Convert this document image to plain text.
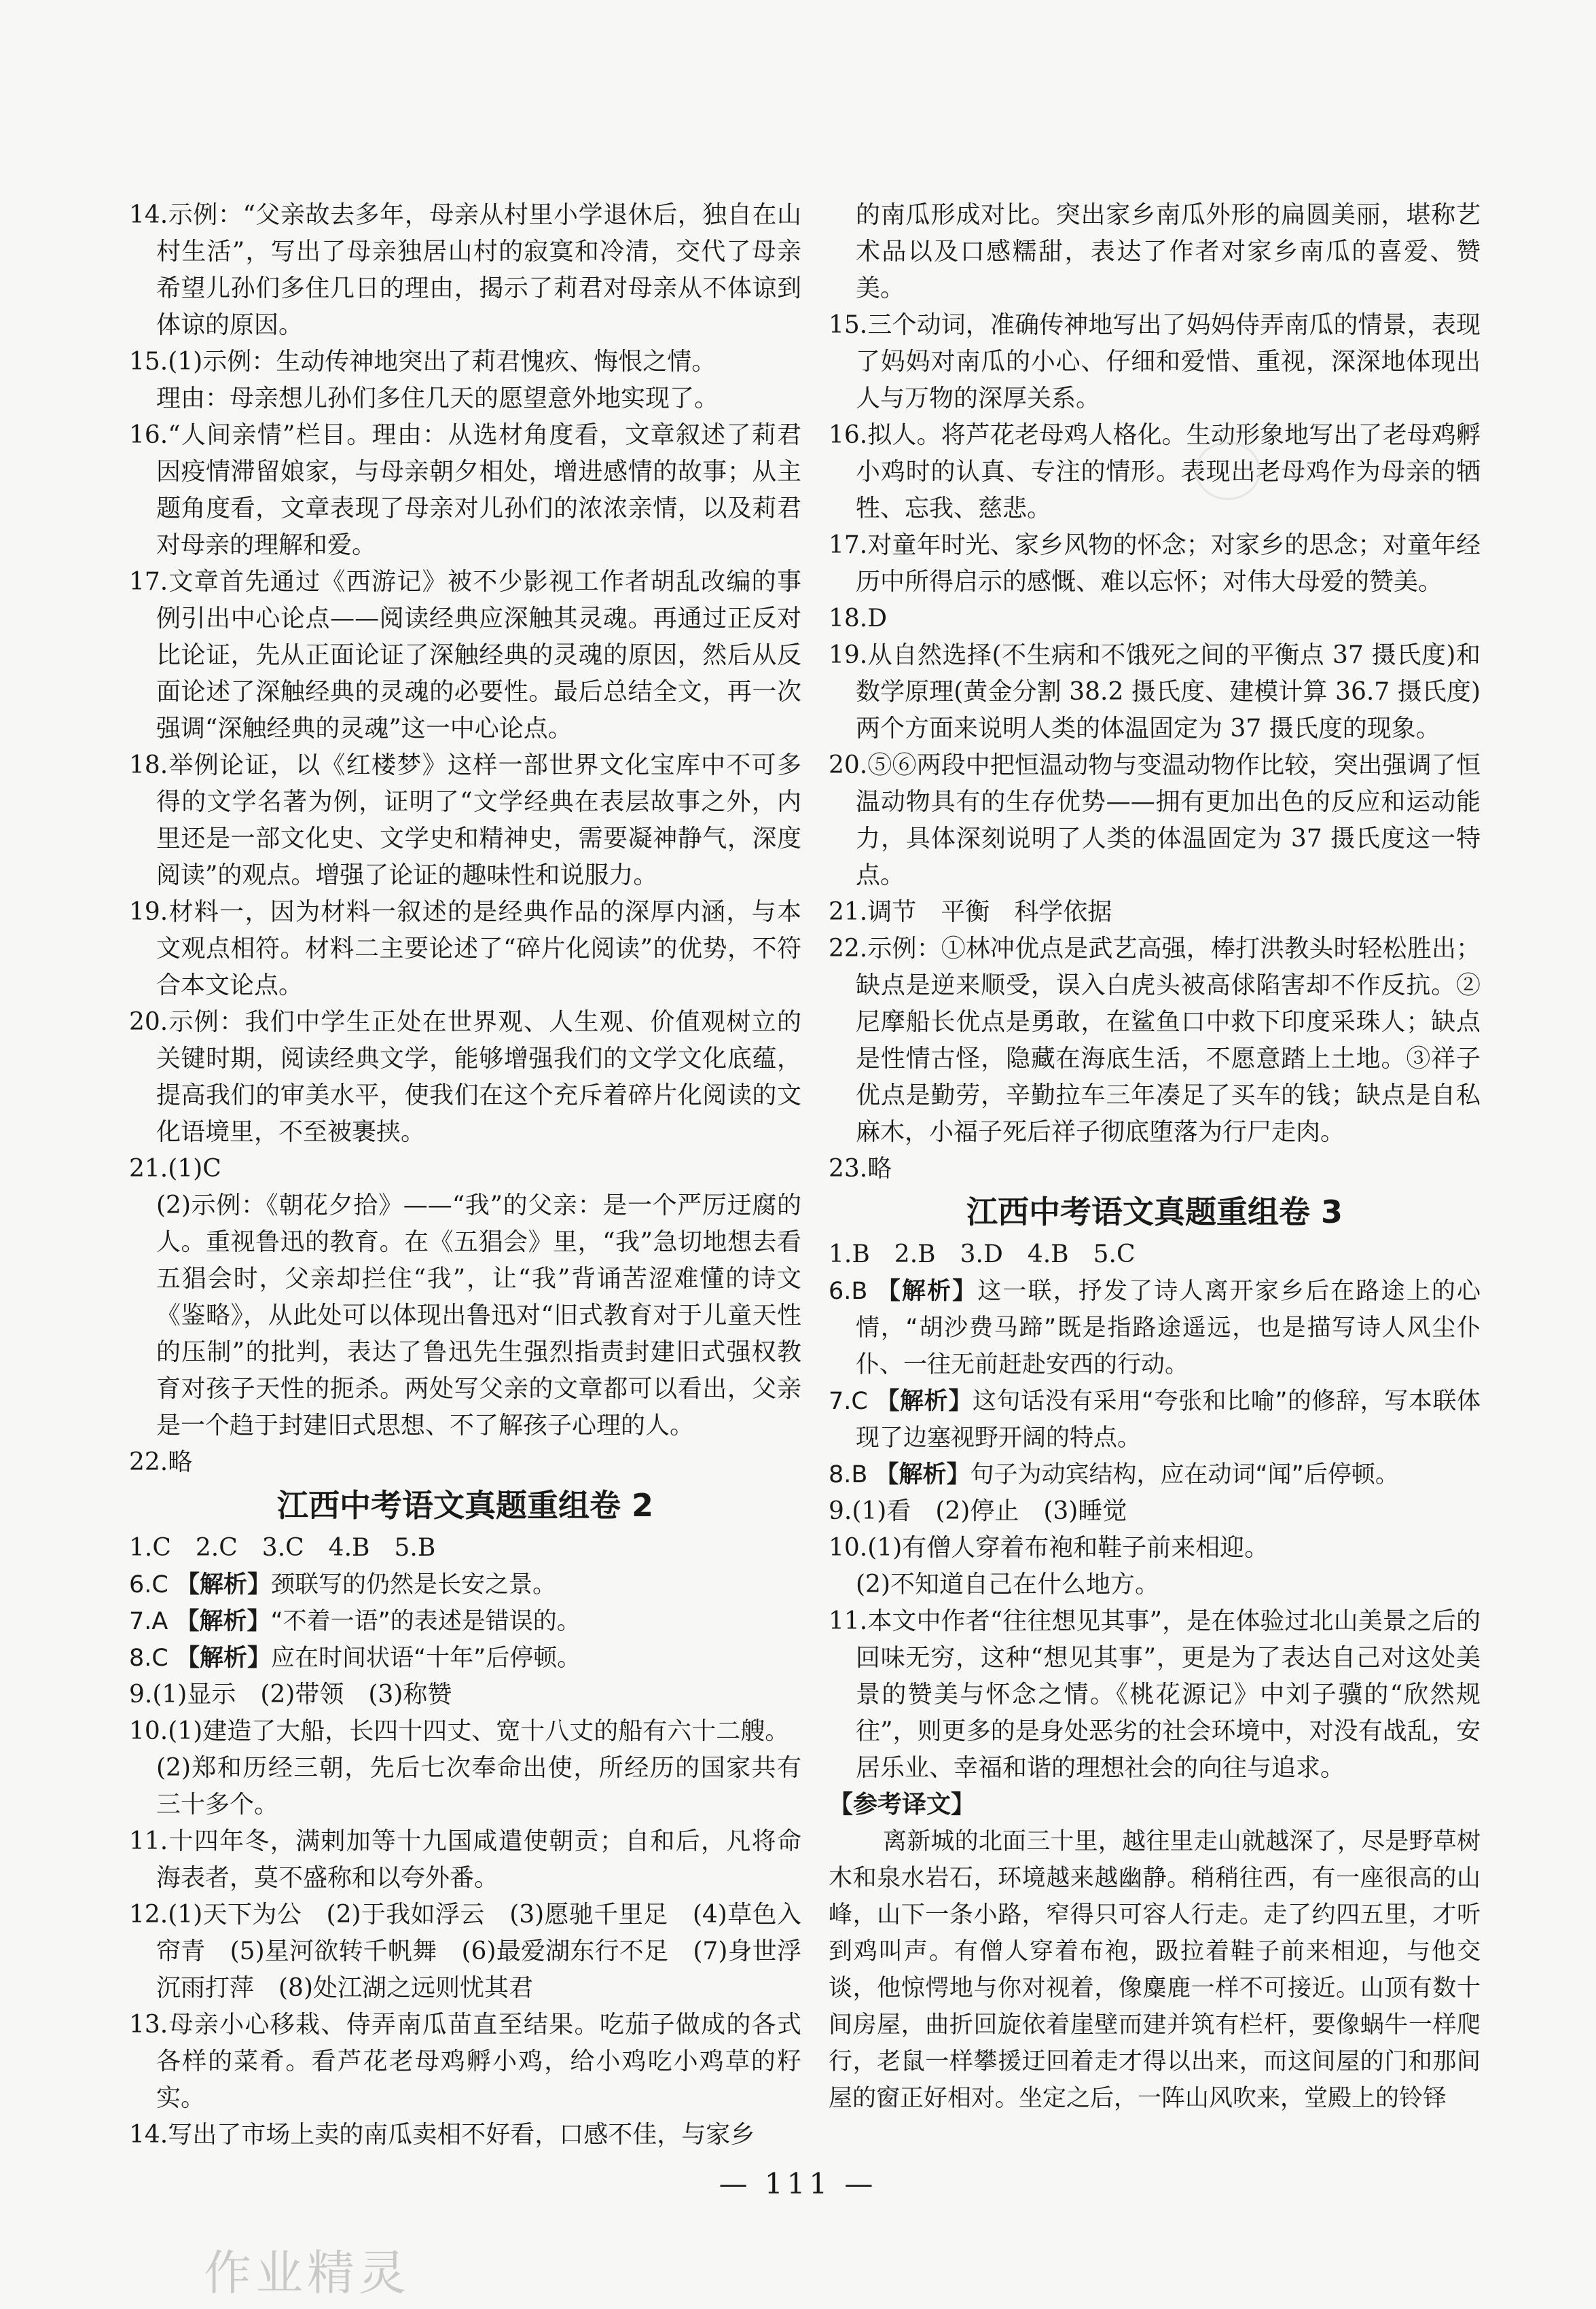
14.示例：“父亲故去多年，母亲从村里小学退休后，独自在山村生活”，写出了母亲独居山村的寂寞和冷清，交代了母亲希望儿孙们多住几日的理由，揭示了莉君对母亲从不体谅到体谅的原因。

15.(1)示例：生动传神地突出了莉君愧疚、悔恨之情。

理由：母亲想儿孙们多住几天的愿望意外地实现了。

16.“人间亲情”栏目。理由：从选材角度看，文章叙述了莉君因疫情滞留娘家，与母亲朝夕相处，增进感情的故事；从主题角度看，文章表现了母亲对儿孙们的浓浓亲情，以及莉君对母亲的理解和爱。

17.文章首先通过《西游记》被不少影视工作者胡乱改编的事例引出中心论点——阅读经典应深触其灵魂。再通过正反对比论证，先从正面论证了深触经典的灵魂的原因，然后从反面论述了深触经典的灵魂的必要性。最后总结全文，再一次强调“深触经典的灵魂”这一中心论点。

18.举例论证，以《红楼梦》这样一部世界文化宝库中不可多得的文学名著为例，证明了“文学经典在表层故事之外，内里还是一部文化史、文学史和精神史，需要凝神静气，深度阅读”的观点。增强了论证的趣味性和说服力。

19.材料一，因为材料一叙述的是经典作品的深厚内涵，与本文观点相符。材料二主要论述了“碎片化阅读”的优势，不符合本文论点。

20.示例：我们中学生正处在世界观、人生观、价值观树立的关键时期，阅读经典文学，能够增强我们的文学文化底蕴，提高我们的审美水平，使我们在这个充斥着碎片化阅读的文化语境里，不至被裹挟。

21.(1)C

(2)示例：《朝花夕拾》——“我”的父亲：是一个严厉迂腐的人。重视鲁迅的教育。在《五猖会》里，“我”急切地想去看五猖会时，父亲却拦住“我”，让“我”背诵苦涩难懂的诗文《鉴略》，从此处可以体现出鲁迅对“旧式教育对于儿童天性的压制”的批判，表达了鲁迅先生强烈指责封建旧式强权教育对孩子天性的扼杀。两处写父亲的文章都可以看出，父亲是一个趋于封建旧式思想、不了解孩子心理的人。

22.略

江西中考语文真题重组卷 2

1.C　2.C　3.C　4.B　5.B

6.C 【解析】颈联写的仍然是长安之景。

7.A 【解析】“不着一语”的表述是错误的。

8.C 【解析】应在时间状语“十年”后停顿。

9.(1)显示　(2)带领　(3)称赞

10.(1)建造了大船，长四十四丈、宽十八丈的船有六十二艘。

(2)郑和历经三朝，先后七次奉命出使，所经历的国家共有三十多个。

11.十四年冬，满剌加等十九国咸遣使朝贡；自和后，凡将命海表者，莫不盛称和以夸外番。

12.(1)天下为公　(2)于我如浮云　(3)愿驰千里足　(4)草色入帘青　(5)星河欲转千帆舞　(6)最爱湖东行不足　(7)身世浮沉雨打萍　(8)处江湖之远则忧其君

13.母亲小心移栽、侍弄南瓜苗直至结果。吃茄子做成的各式各样的菜肴。看芦花老母鸡孵小鸡，给小鸡吃小鸡草的籽实。

14.写出了市场上卖的南瓜卖相不好看，口感不佳，与家乡

的南瓜形成对比。突出家乡南瓜外形的扁圆美丽，堪称艺术品以及口感糯甜，表达了作者对家乡南瓜的喜爱、赞美。

15.三个动词，准确传神地写出了妈妈侍弄南瓜的情景，表现了妈妈对南瓜的小心、仔细和爱惜、重视，深深地体现出人与万物的深厚关系。

16.拟人。将芦花老母鸡人格化。生动形象地写出了老母鸡孵小鸡时的认真、专注的情形。表现出老母鸡作为母亲的牺牲、忘我、慈悲。

17.对童年时光、家乡风物的怀念；对家乡的思念；对童年经历中所得启示的感慨、难以忘怀；对伟大母爱的赞美。

18.D

19.从自然选择(不生病和不饿死之间的平衡点 37 摄氏度)和数学原理(黄金分割 38.2 摄氏度、建模计算 36.7 摄氏度)两个方面来说明人类的体温固定为 37 摄氏度的现象。

20.⑤⑥两段中把恒温动物与变温动物作比较，突出强调了恒温动物具有的生存优势——拥有更加出色的反应和运动能力，具体深刻说明了人类的体温固定为 37 摄氏度这一特点。

21.调节　平衡　科学依据

22.示例：①林冲优点是武艺高强，棒打洪教头时轻松胜出；缺点是逆来顺受，误入白虎头被高俅陷害却不作反抗。②尼摩船长优点是勇敢，在鲨鱼口中救下印度采珠人；缺点是性情古怪，隐藏在海底生活，不愿意踏上土地。③祥子优点是勤劳，辛勤拉车三年凑足了买车的钱；缺点是自私麻木，小福子死后祥子彻底堕落为行尸走肉。

23.略

江西中考语文真题重组卷 3

1.B　2.B　3.D　4.B　5.C

6.B 【解析】这一联，抒发了诗人离开家乡后在路途上的心情，“胡沙费马蹄”既是指路途遥远，也是描写诗人风尘仆仆、一往无前赶赴安西的行动。

7.C 【解析】这句话没有采用“夸张和比喻”的修辞，写本联体现了边塞视野开阔的特点。

8.B 【解析】句子为动宾结构，应在动词“闻”后停顿。

9.(1)看　(2)停止　(3)睡觉

10.(1)有僧人穿着布袍和鞋子前来相迎。

(2)不知道自己在什么地方。

11.本文中作者“往往想见其事”，是在体验过北山美景之后的回味无穷，这种“想见其事”，更是为了表达自己对这处美景的赞美与怀念之情。《桃花源记》中刘子骥的“欣然规往”，则更多的是身处恶劣的社会环境中，对没有战乱，安居乐业、幸福和谐的理想社会的向往与追求。

【参考译文】

离新城的北面三十里，越往里走山就越深了，尽是野草树木和泉水岩石，环境越来越幽静。稍稍往西，有一座很高的山峰，山下一条小路，窄得只可容人行走。走了约四五里，才听到鸡叫声。有僧人穿着布袍，趿拉着鞋子前来相迎，与他交谈，他惊愕地与你对视着，像麋鹿一样不可接近。山顶有数十间房屋，曲折回旋依着崖壁而建并筑有栏杆，要像蜗牛一样爬行，老鼠一样攀援迂回着走才得以出来，而这间屋的门和那间屋的窗正好相对。坐定之后，一阵山风吹来，堂殿上的铃铎

— 111 —
作业精灵
